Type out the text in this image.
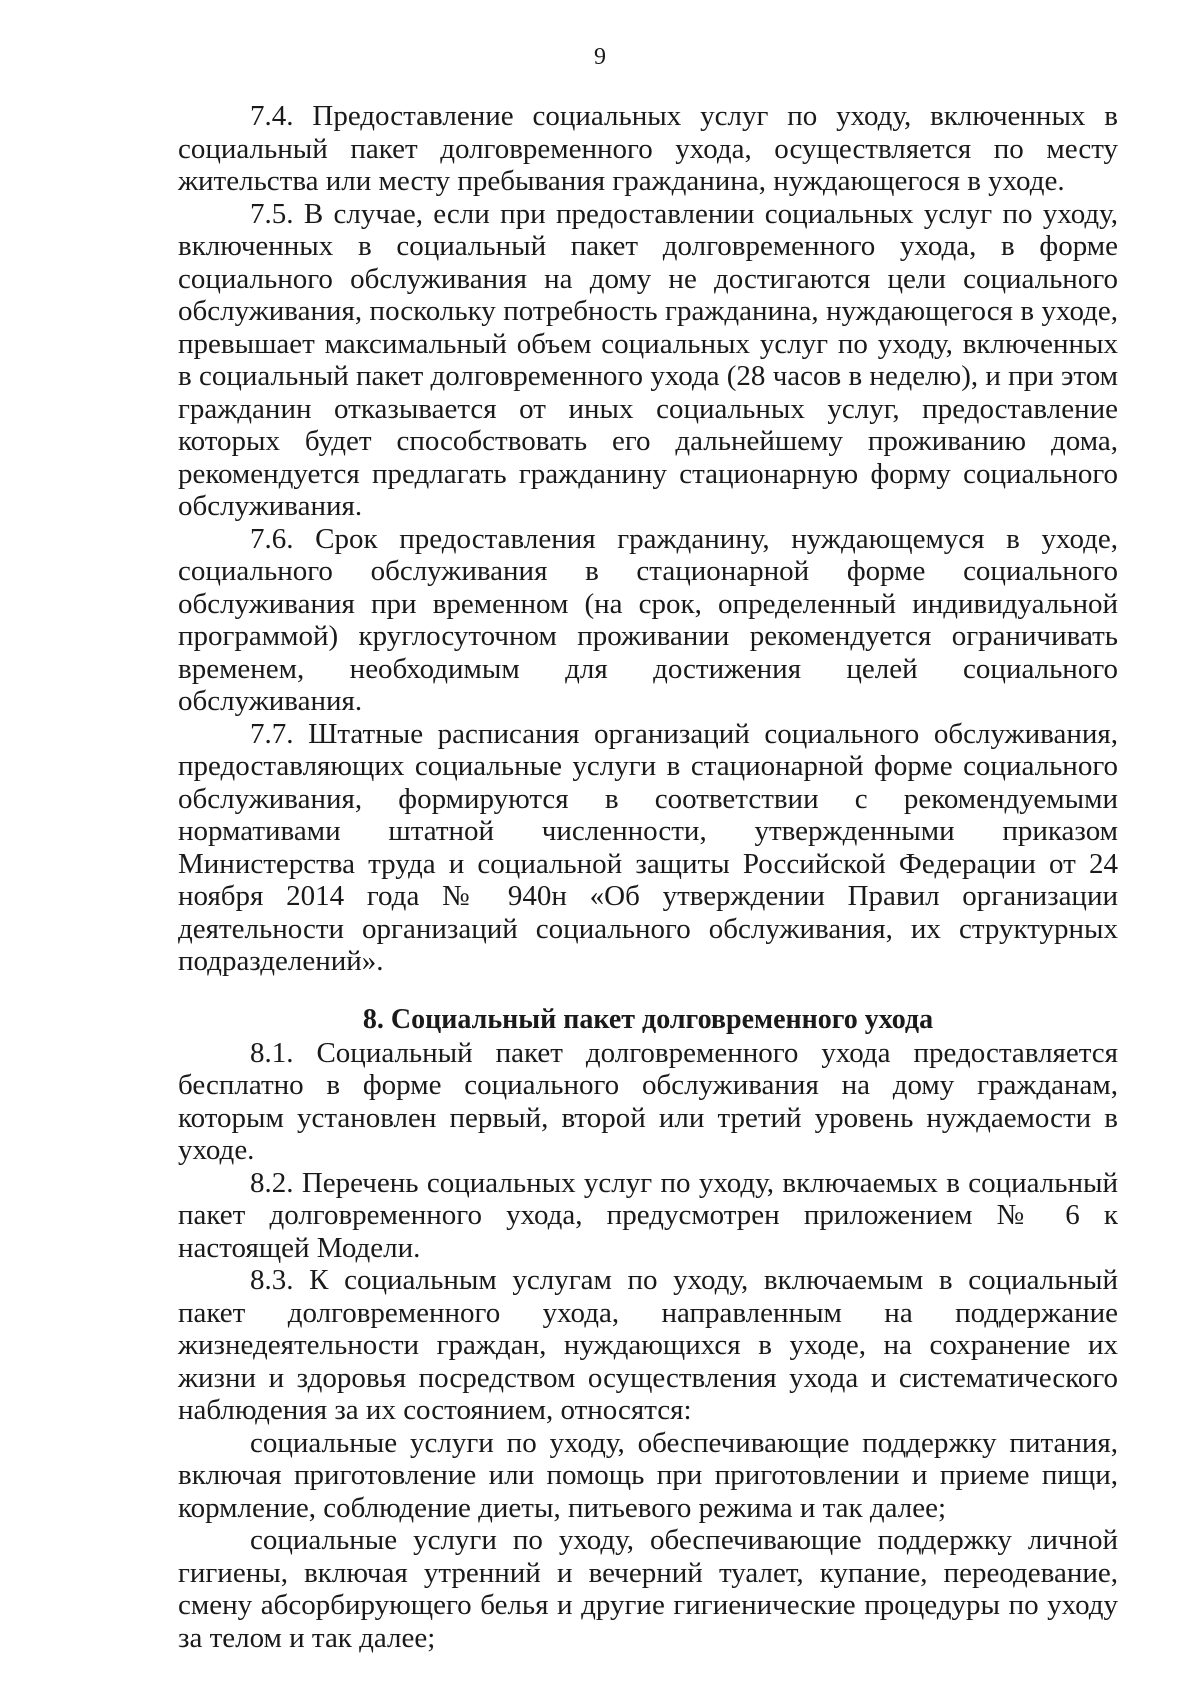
9

7.4. Предоставление социальных услуг по уходу, включенных в социальный пакет долговременного ухода, осуществляется по месту жительства или месту пребывания гражданина, нуждающегося в уходе.

7.5. В случае, если при предоставлении социальных услуг по уходу, включенных в социальный пакет долговременного ухода, в форме социального обслуживания на дому не достигаются цели социального обслуживания, поскольку потребность гражданина, нуждающегося в уходе, превышает максимальный объем социальных услуг по уходу, включенных в социальный пакет долговременного ухода (28 часов в неделю), и при этом гражданин отказывается от иных социальных услуг, предоставление которых будет способствовать его дальнейшему проживанию дома, рекомендуется предлагать гражданину стационарную форму социального обслуживания.

7.6. Срок предоставления гражданину, нуждающемуся в уходе, социального обслуживания в стационарной форме социального обслуживания при временном (на срок, определенный индивидуальной программой) круглосуточном проживании рекомендуется ограничивать временем, необходимым для достижения целей социального обслуживания.

7.7. Штатные расписания организаций социального обслуживания, предоставляющих социальные услуги в стационарной форме социального обслуживания, формируются в соответствии с рекомендуемыми нормативами штатной численности, утвержденными приказом Министерства труда и социальной защиты Российской Федерации от 24 ноября 2014 года № 940н «Об утверждении Правил организации деятельности организаций социального обслуживания, их структурных подразделений».

8. Социальный пакет долговременного ухода

8.1. Социальный пакет долговременного ухода предоставляется бесплатно в форме социального обслуживания на дому гражданам, которым установлен первый, второй или третий уровень нуждаемости в уходе.

8.2. Перечень социальных услуг по уходу, включаемых в социальный пакет долговременного ухода, предусмотрен приложением № 6 к настоящей Модели.

8.3. К социальным услугам по уходу, включаемым в социальный пакет долговременного ухода, направленным на поддержание жизнедеятельности граждан, нуждающихся в уходе, на сохранение их жизни и здоровья посредством осуществления ухода и систематического наблюдения за их состоянием, относятся:

социальные услуги по уходу, обеспечивающие поддержку питания, включая приготовление или помощь при приготовлении и приеме пищи, кормление, соблюдение диеты, питьевого режима и так далее;

социальные услуги по уходу, обеспечивающие поддержку личной гигиены, включая утренний и вечерний туалет, купание, переодевание, смену абсорбирующего белья и другие гигиенические процедуры по уходу за телом и так далее;
